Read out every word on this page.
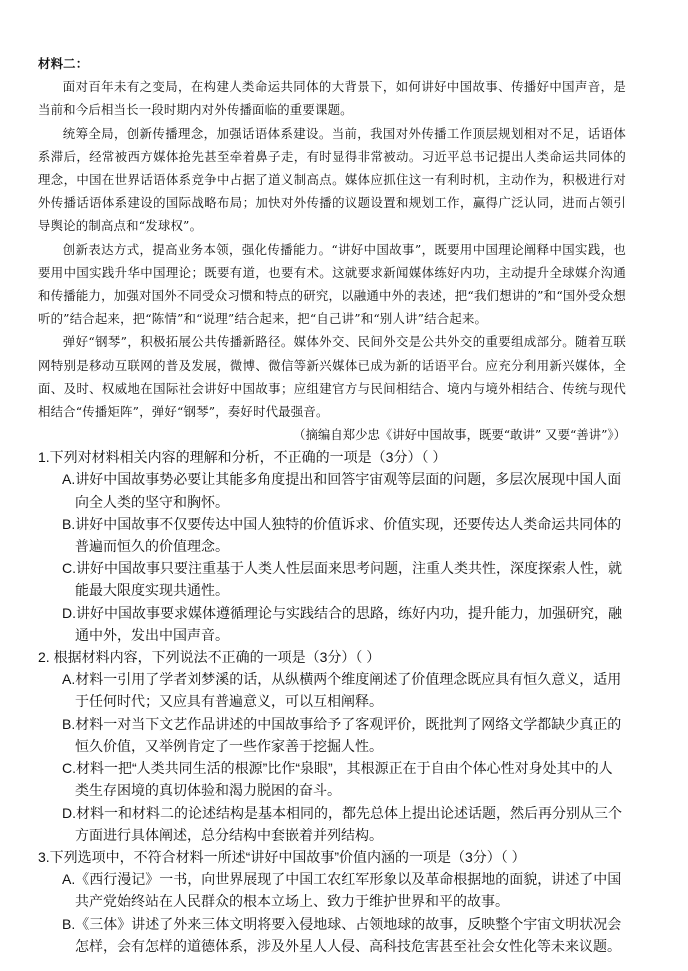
材料二：

面对百年未有之变局，在构建人类命运共同体的大背景下，如何讲好中国故事、传播好中国声音，是当前和今后相当长一段时期内对外传播面临的重要课题。

统筹全局，创新传播理念，加强话语体系建设。当前，我国对外传播工作顶层规划相对不足，话语体系滞后，经常被西方媒体抢先甚至牵着鼻子走，有时显得非常被动。习近平总书记提出人类命运共同体的理念，中国在世界话语体系竞争中占据了道义制高点。媒体应抓住这一有利时机，主动作为，积极进行对外传播话语体系建设的国际战略布局；加快对外传播的议题设置和规划工作，赢得广泛认同，进而占领引导舆论的制高点和“发球权”。

创新表达方式，提高业务本领，强化传播能力。“讲好中国故事”，既要用中国理论阐释中国实践，也要用中国实践升华中国理论；既要有道，也要有术。这就要求新闻媒体练好内功，主动提升全球媒介沟通和传播能力，加强对国外不同受众习惯和特点的研究，以融通中外的表述，把“我们想讲的”和“国外受众想听的”结合起来，把“陈情”和“说理”结合起来，把“自己讲”和“别人讲”结合起来。

弹好“钢琴”，积极拓展公共传播新路径。媒体外交、民间外交是公共外交的重要组成部分。随着互联网特别是移动互联网的普及发展，微博、微信等新兴媒体已成为新的话语平台。应充分利用新兴媒体，全面、及时、权威地在国际社会讲好中国故事；应组建官方与民间相结合、境内与境外相结合、传统与现代相结合“传播矩阵”，弹好“钢琴”，奏好时代最强音。

（摘编自郑少忠《讲好中国故事，既要“敢讲” 又要“善讲”》）

1.下列对材料相关内容的理解和分析，不正确的一项是（3分）（ ）

A.讲好中国故事势必要让其能多角度提出和回答宇宙观等层面的问题，多层次展现中国人面向全人类的坚守和胸怀。

B.讲好中国故事不仅要传达中国人独特的价值诉求、价值实现，还要传达人类命运共同体的普遍而恒久的价值理念。

C.讲好中国故事只要注重基于人类人性层面来思考问题，注重人类共性，深度探索人性，就能最大限度实现共通性。

D.讲好中国故事要求媒体遵循理论与实践结合的思路，练好内功，提升能力，加强研究，融通中外，发出中国声音。

2. 根据材料内容，下列说法不正确的一项是（3分）（ ）

A.材料一引用了学者刘梦溪的话，从纵横两个维度阐述了价值理念既应具有恒久意义，适用于任何时代；又应具有普遍意义，可以互相阐释。

B.材料一对当下文艺作品讲述的中国故事给予了客观评价，既批判了网络文学都缺少真正的恒久价值，又举例肯定了一些作家善于挖掘人性。

C.材料一把“人类共同生活的根源”比作“泉眼”，其根源正在于自由个体心性对身处其中的人类生存困境的真切体验和渴力脱困的奋斗。

D.材料一和材料二的论述结构是基本相同的，都先总体上提出论述话题，然后再分别从三个方面进行具体阐述，总分结构中套嵌着并列结构。

3.下列选项中，不符合材料一所述“讲好中国故事”价值内涵的一项是（3分）（ ）

A.《西行漫记》一书，向世界展现了中国工农红军形象以及革命根据地的面貌，讲述了中国共产党始终站在人民群众的根本立场上、致力于维护世界和平的故事。

B.《三体》讲述了外来三体文明将要入侵地球、占领地球的故事，反映整个宇宙文明状况会怎样，会有怎样的道德体系，涉及外星人人侵、高科技危害甚至社会女性化等未来议题。
